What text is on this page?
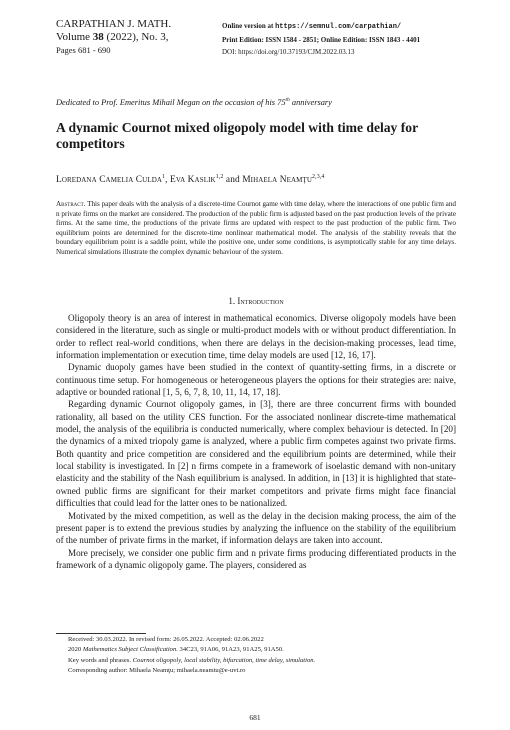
CARPATHIAN J. MATH.
Volume 38 (2022), No. 3,
Pages 681 - 690
Online version at https://semnul.com/carpathian/
Print Edition: ISSN 1584 - 2851; Online Edition: ISSN 1843 - 4401
DOI: https://doi.org/10.37193/CJM.2022.03.13
Dedicated to Prof. Emeritus Mihail Megan on the occasion of his 75th anniversary
A dynamic Cournot mixed oligopoly model with time delay for competitors
Loredana Camelia Culda$^1$, Eva Kaslik$^{1,2}$ and Mihaela Neamţu$^{2,3,4}$
Abstract. This paper deals with the analysis of a discrete-time Cournot game with time delay, where the interactions of one public firm and n private firms on the market are considered. The production of the public firm is adjusted based on the past production levels of the private firms. At the same time, the productions of the private firms are updated with respect to the past production of the public firm. Two equilibrium points are determined for the discrete-time nonlinear mathematical model. The analysis of the stability reveals that the boundary equilibrium point is a saddle point, while the positive one, under some conditions, is asymptotically stable for any time delays. Numerical simulations illustrate the complex dynamic behaviour of the system.
1. Introduction

Oligopoly theory is an area of interest in mathematical economics. Diverse oligopoly models have been considered in the literature, such as single or multi-product models with or without product differentiation. In order to reflect real-world conditions, when there are delays in the decision-making processes, lead time, information implementation or execution time, time delay models are used [12, 16, 17].

Dynamic duopoly games have been studied in the context of quantity-setting firms, in a discrete or continuous time setup. For homogeneous or heterogeneous players the options for their strategies are: naive, adaptive or bounded rational [1, 5, 6, 7, 8, 10, 11, 14, 17, 18].

Regarding dynamic Cournot oligopoly games, in [3], there are three concurrent firms with bounded rationality, all based on the utility CES function. For the associated nonlinear discrete-time mathematical model, the analysis of the equilibria is conducted numerically, where complex behaviour is detected. In [20] the dynamics of a mixed triopoly game is analyzed, where a public firm competes against two private firms. Both quantity and price competition are considered and the equilibrium points are determined, while their local stability is investigated. In [2] n firms compete in a framework of isoelastic demand with non-unitary elasticity and the stability of the Nash equilibrium is analysed. In addition, in [13] it is highlighted that state-owned public firms are significant for their market competitors and private firms might face financial difficulties that could lead for the latter ones to be nationalized.

Motivated by the mixed competition, as well as the delay in the decision making process, the aim of the present paper is to extend the previous studies by analyzing the influence on the stability of the equilibrium of the number of private firms in the market, if information delays are taken into account.

More precisely, we consider one public firm and n private firms producing differentiated products in the framework of a dynamic oligopoly game. The players, considered as

Received: 30.03.2022. In revised form: 26.05.2022. Accepted: 02.06.2022
2020 Mathematics Subject Classification. 34C23, 91A06, 91A23, 91A25, 91A50.
Key words and phrases. Cournot oligopoly, local stability, bifurcation, time delay, simulation.
Corresponding author: Mihaela Neamţu; mihaela.neamtu@e-uvt.ro
681
